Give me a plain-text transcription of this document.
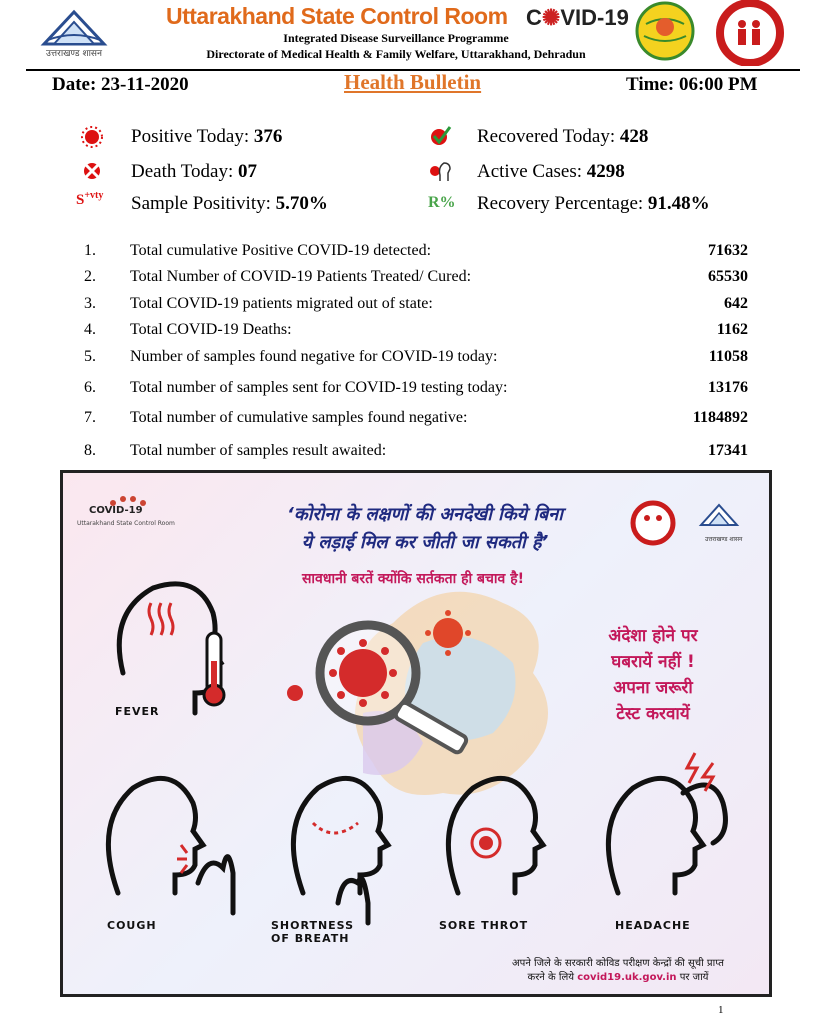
उत्तराखण्ड शासन
Uttarakhand State Control Room C✺VID-19
Integrated Disease Surveillance Programme
Directorate of Medical Health & Family Welfare, Uttarakhand, Dehradun
Date: 23-11-2020	Health Bulletin	Time: 06:00 PM
Positive Today: 376	Recovered Today: 428
Death Today: 07	Active Cases: 4298
$S^{+vty}$ Sample Positivity: 5.70%	R% Recovery Percentage: 91.48%
1. Total cumulative Positive COVID-19 detected:	71632
2. Total Number of COVID-19 Patients Treated/ Cured:	65530
3. Total COVID-19 patients migrated out of state:	642
4. Total COVID-19 Deaths:	1162
5. Number of samples found negative for COVID-19 today:	11058
6. Total number of samples sent for COVID-19 testing today:	13176
7. Total number of cumulative samples found negative:	1184892
8. Total number of samples result awaited:	17341
COVID-19
Uttarakhand State Control Room
उत्तराखण्ड शासन
‘कोरोना के लक्षणों की अनदेखी किये बिना
ये लड़ाई मिल कर जीती जा सकती है’
सावधानी बरतें क्योंकि सर्तकता ही बचाव है!
अंदेशा होने पर
घबरायें नहीं !
अपना जरूरी
टेस्ट करवायें
FEVER
COUGH	SHORTNESS
OF BREATH
SORE THROT	HEADACHE
अपने जिले के सरकारी कोविड परीक्षण केन्द्रों की सूची प्राप्त
करने के लिये covid19.uk.gov.in पर जायें
1
